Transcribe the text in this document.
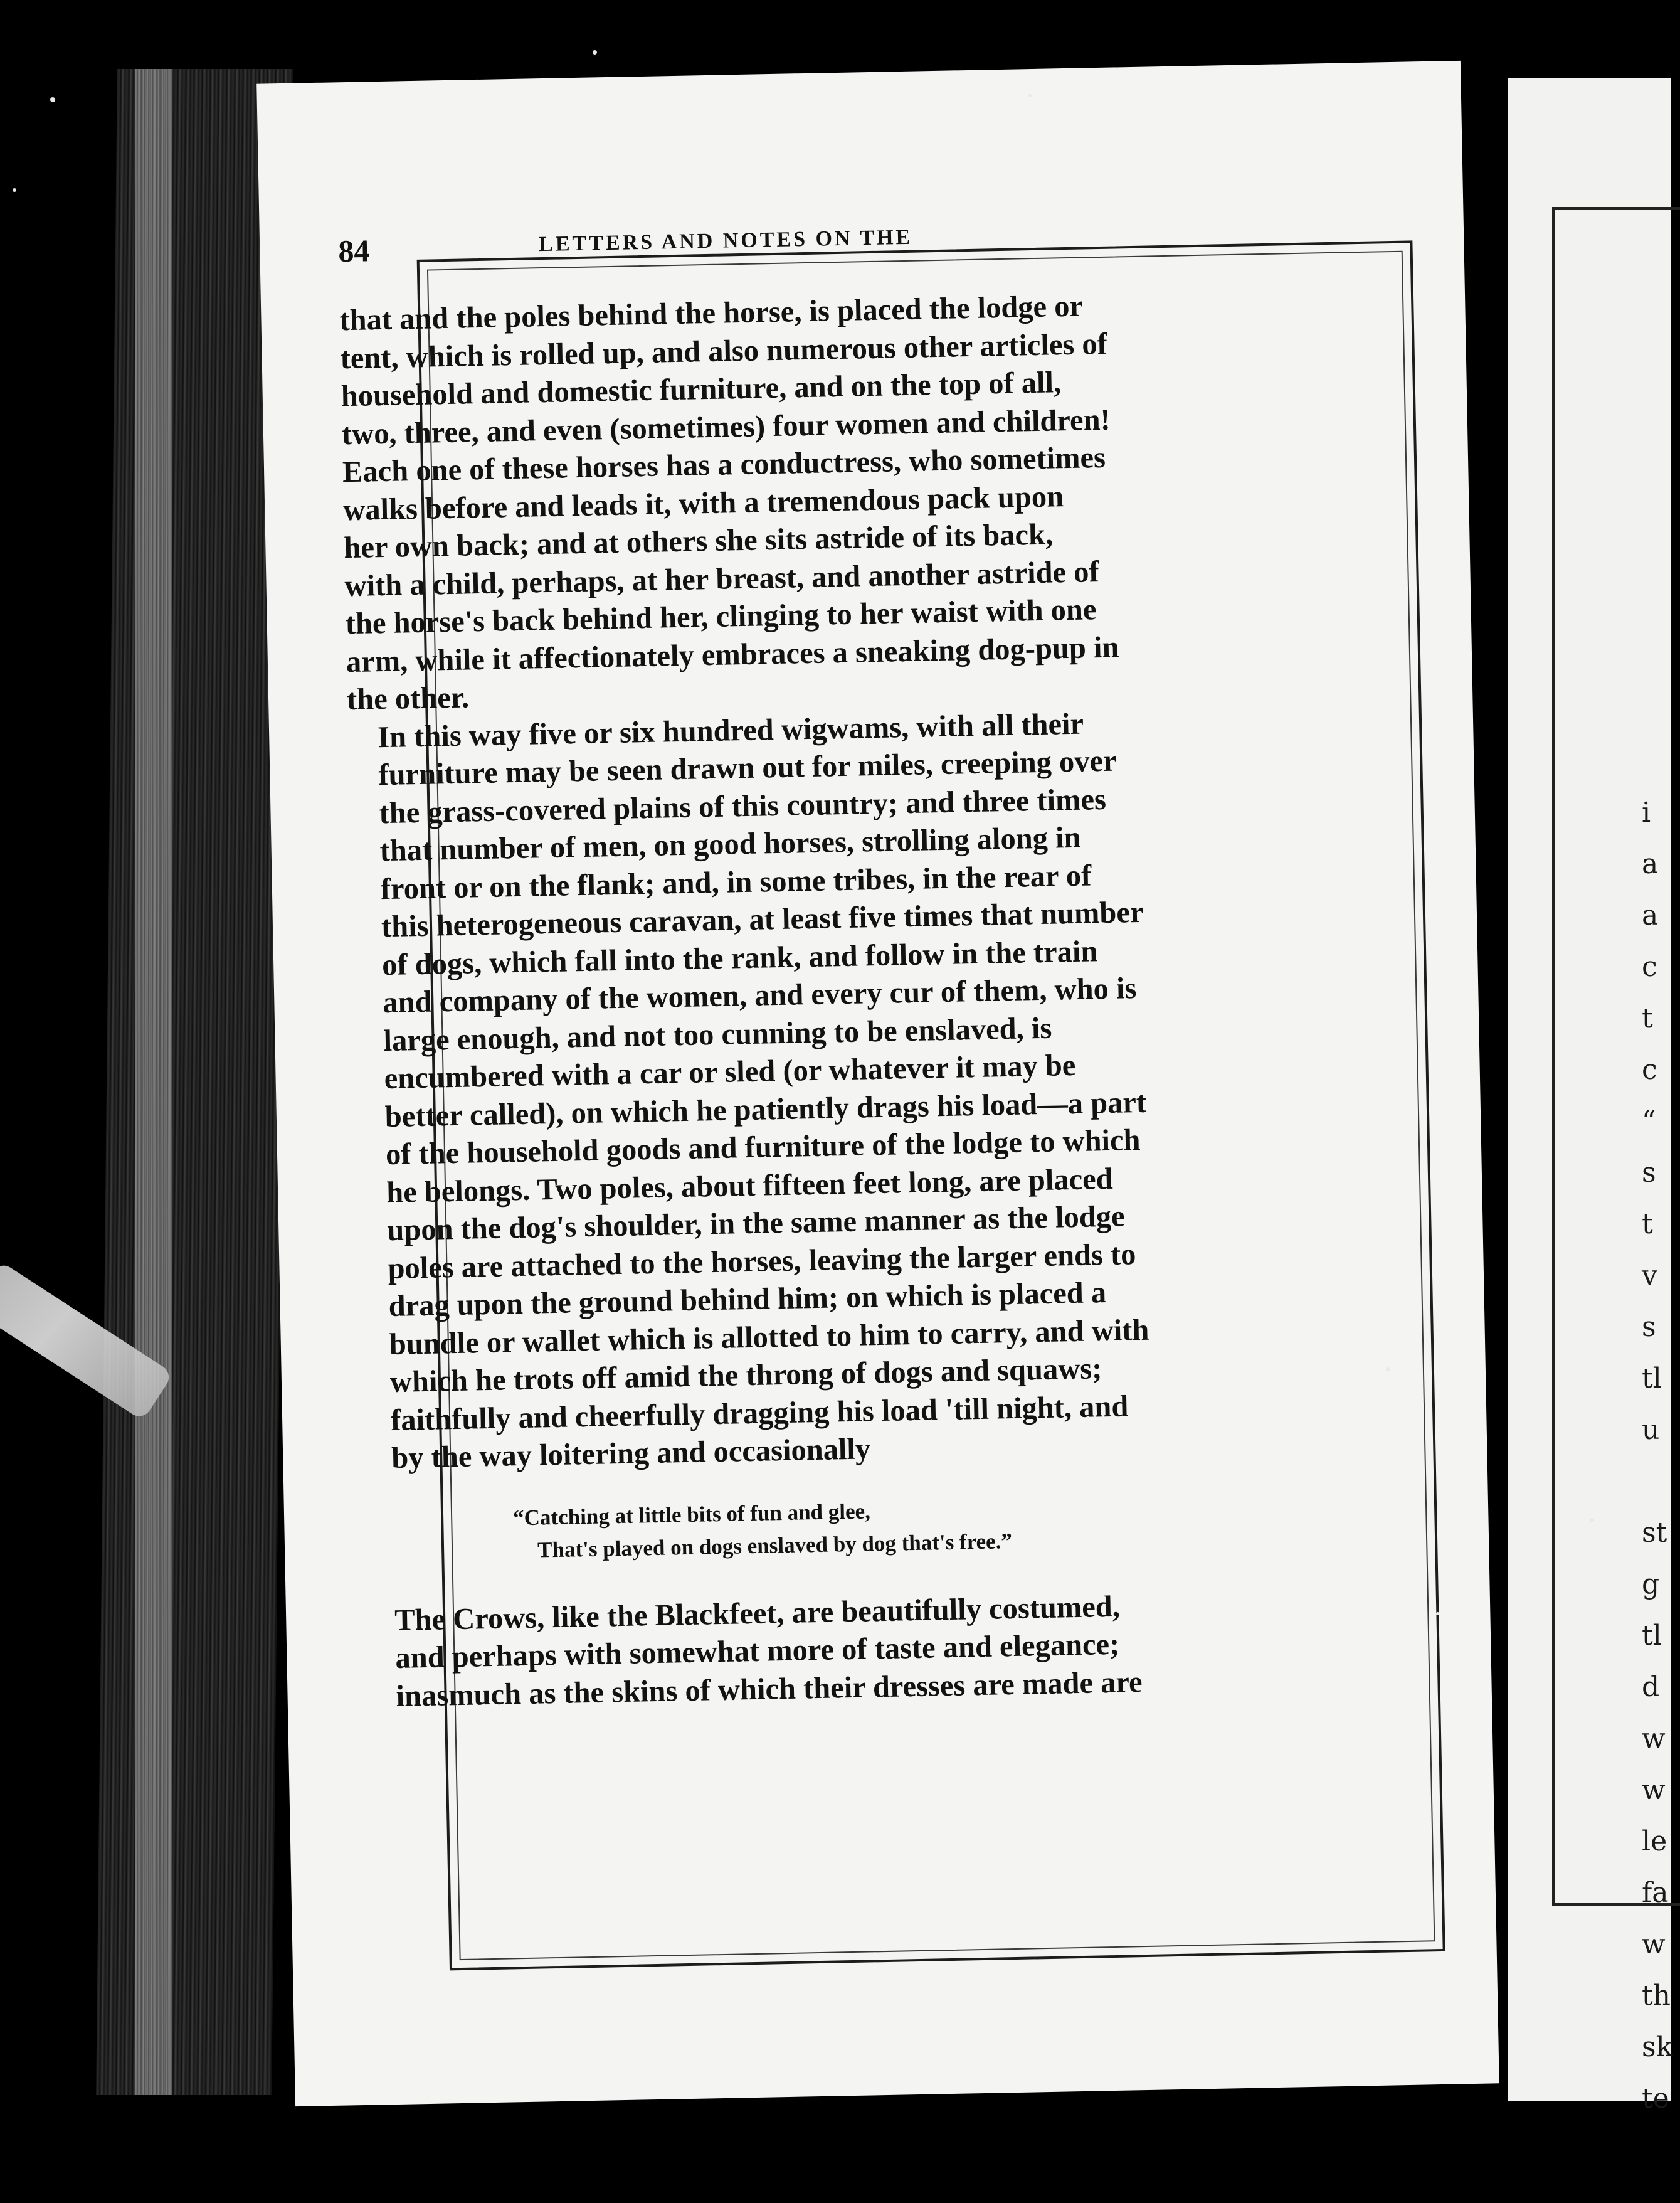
i
a
a
c
t
c
“
s
t
v
s
tl
u
st
g
tl
d
w
w
le
fa
w
th
sk
te
84	LETTERS AND NOTES ON THE

that and the poles behind the horse, is placed the lodge or
tent, which is rolled up, and also numerous other articles of
household and domestic furniture, and on the top of all,
two, three, and even (sometimes) four women and children!
Each one of these horses has a conductress, who sometimes
walks before and leads it, with a tremendous pack upon
her own back; and at others she sits astride of its back,
with a child, perhaps, at her breast, and another astride of
the horse's back behind her, clinging to her waist with one
arm, while it affectionately embraces a sneaking dog-pup in
the other.

In this way five or six hundred wigwams, with all their
furniture may be seen drawn out for miles, creeping over
the grass-covered plains of this country; and three times
that number of men, on good horses, strolling along in
front or on the flank; and, in some tribes, in the rear of
this heterogeneous caravan, at least five times that number
of dogs, which fall into the rank, and follow in the train
and company of the women, and every cur of them, who is
large enough, and not too cunning to be enslaved, is
encumbered with a car or sled (or whatever it may be
better called), on which he patiently drags his load—a part
of the household goods and furniture of the lodge to which
he belongs. Two poles, about fifteen feet long, are placed
upon the dog's shoulder, in the same manner as the lodge
poles are attached to the horses, leaving the larger ends to
drag upon the ground behind him; on which is placed a
bundle or wallet which is allotted to him to carry, and with
which he trots off amid the throng of dogs and squaws;
faithfully and cheerfully dragging his load 'till night, and
by the way loitering and occasionally

“Catching at little bits of fun and glee,
That's played on dogs enslaved by dog that's free.”

The Crows, like the Blackfeet, are beautifully costumed,
and perhaps with somewhat more of taste and elegance;
inasmuch as the skins of which their dresses are made are
